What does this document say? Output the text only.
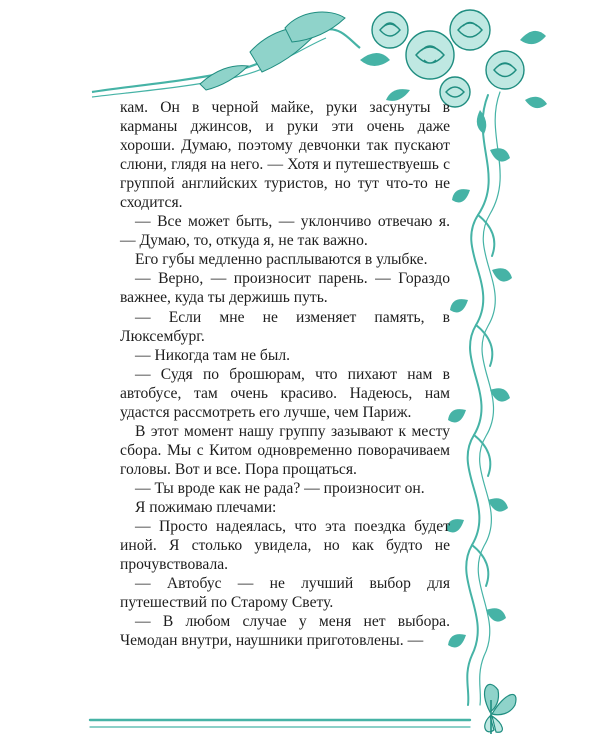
кам. Он в черной майке, руки засунуты в карманы джинсов, и руки эти очень даже хороши. Думаю, поэтому девчонки так пускают слюни, глядя на него. — Хотя и путешествуешь с группой английских туристов, но тут что-то не сходится.

— Все может быть, — уклончиво отвечаю я. — Думаю, то, откуда я, не так важно.

Его губы медленно расплываются в улыбке.

— Верно, — произносит парень. — Гораздо важнее, куда ты держишь путь.

— Если мне не изменяет память, в Люксембург.

— Никогда там не был.

— Судя по брошюрам, что пихают нам в автобусе, там очень красиво. Надеюсь, нам удастся рассмотреть его лучше, чем Париж.

В этот момент нашу группу зазывают к месту сбора. Мы с Китом одновременно поворачиваем головы. Вот и все. Пора прощаться.

— Ты вроде как не рада? — произносит он.

Я пожимаю плечами:

— Просто надеялась, что эта поездка будет иной. Я столько увидела, но как будто не прочувствовала.

— Автобус — не лучший выбор для путешествий по Старому Свету.

— В любом случае у меня нет выбора. Чемодан внутри, наушники приготовлены. —
